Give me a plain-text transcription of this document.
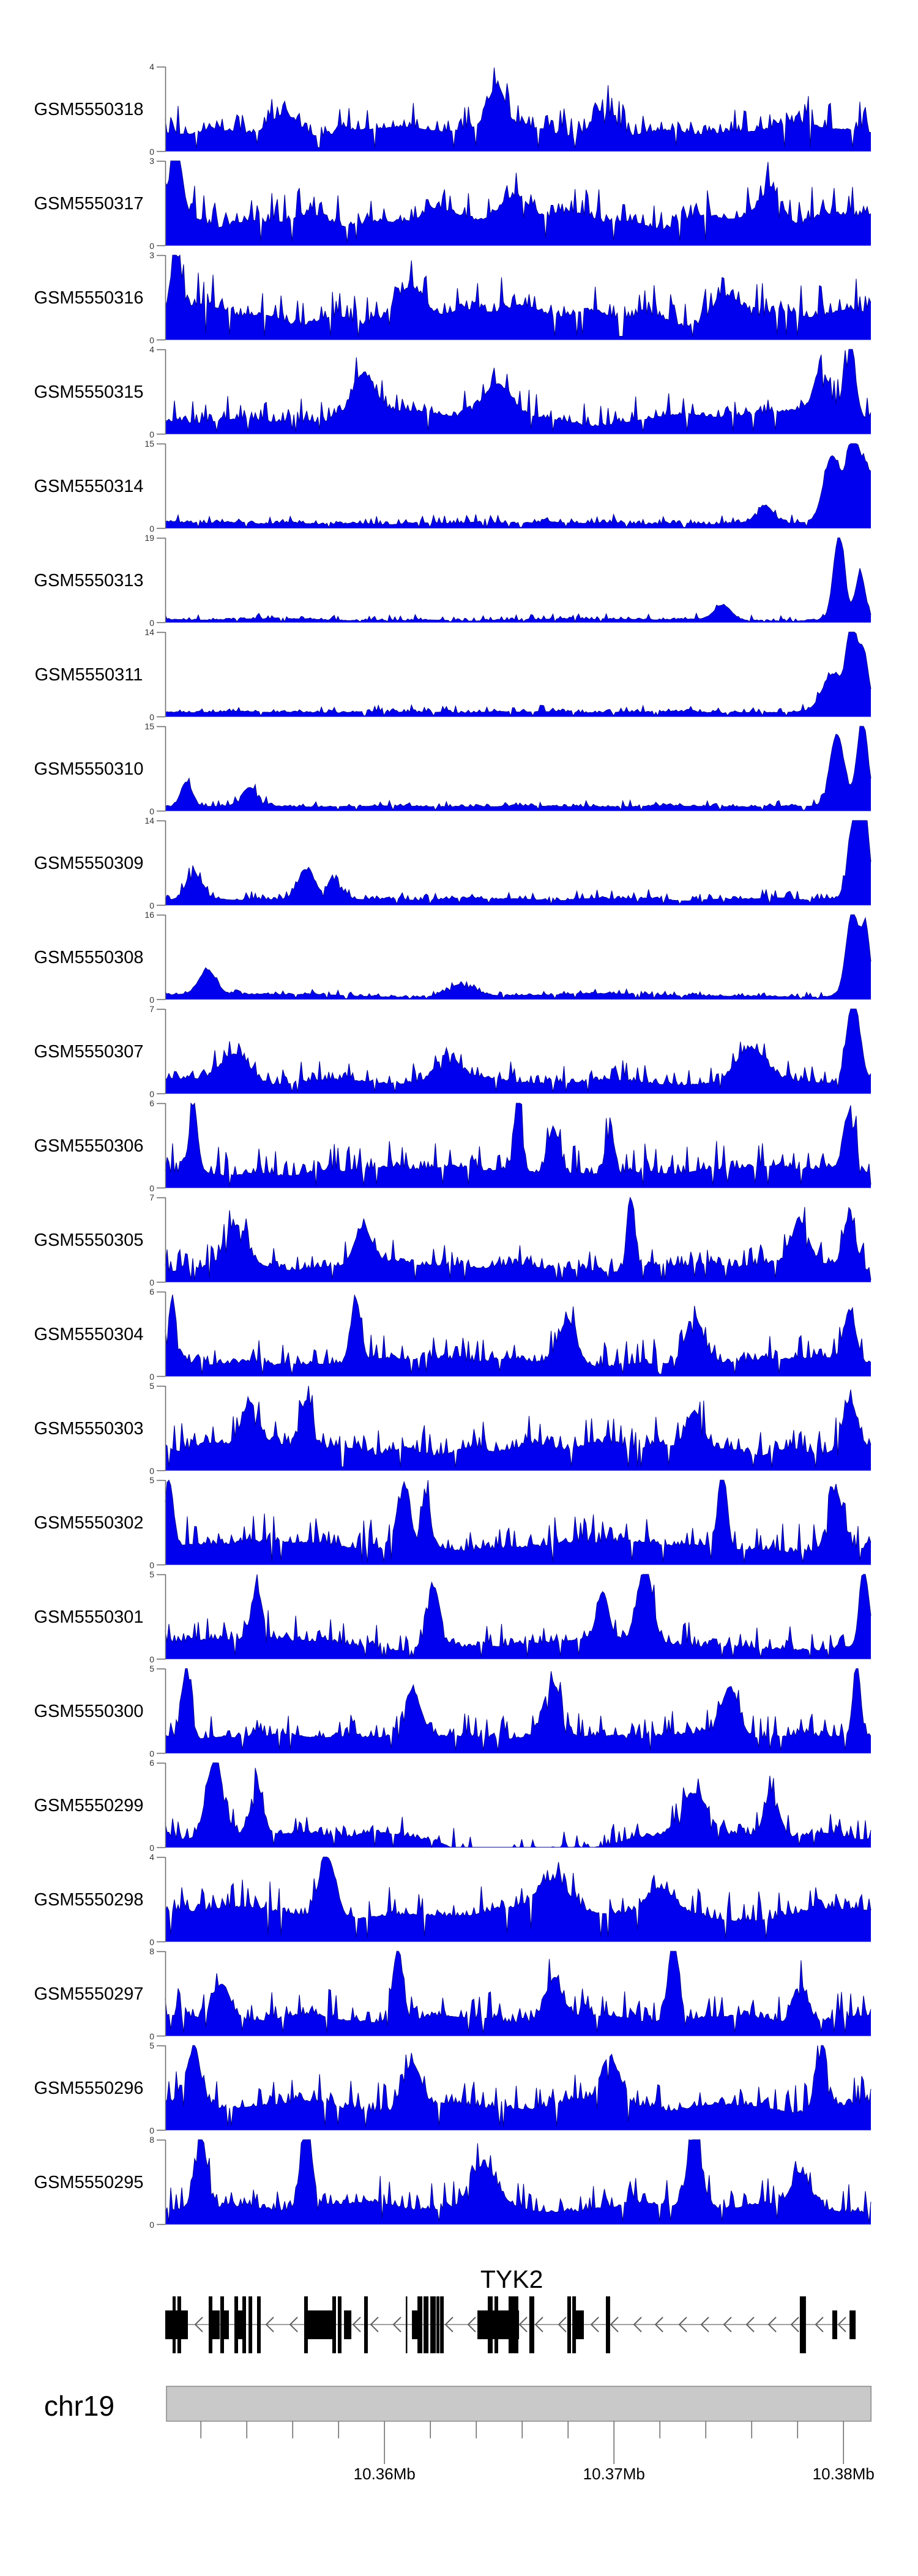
GSM5550318
4
0
GSM5550317
3
0
GSM5550316
3
0
GSM5550315
4
0
GSM5550314
15
0
GSM5550313
19
0
GSM5550311
14
0
GSM5550310
15
0
GSM5550309
14
0
GSM5550308
16
0
GSM5550307
7
0
GSM5550306
6
0
GSM5550305
7
0
GSM5550304
6
0
GSM5550303
5
0
GSM5550302
5
0
GSM5550301
5
0
GSM5550300
5
0
GSM5550299
6
0
GSM5550298
4
0
GSM5550297
8
0
GSM5550296
5
0
GSM5550295
8
0
TYK2
chr19
10.36Mb	10.37Mb	10.38Mb
